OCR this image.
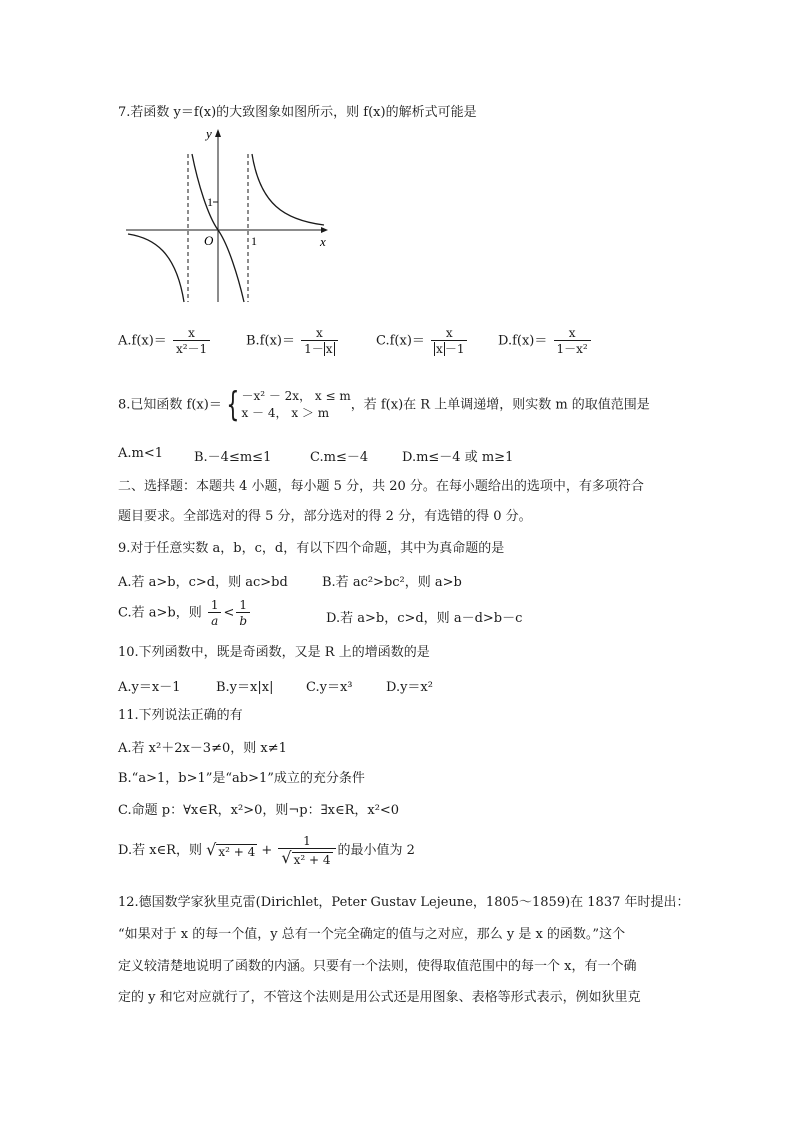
7.若函数 y＝f(x)的大致图象如图所示，则 f(x)的解析式可能是
y
x
O	1
1
$A.f(x)= \frac{x}{\text{x²－1}}$	$B.f(x)= \frac{x}{1- x}$	$C.f(x)= \frac{x}{x -1} D.f(x)= \frac{x}{\text{1－x²}}$
8.已知函数 f(x)＝ { －x² － 2x， x ≤ m
x － 4， x ＞ m
，若 f(x)在 R 上单调递增，则实数 m 的取值范围是
A.m<1 B.－4≤m≤1	C.m≤－4	D.m≤－4 或 m≥1
二、选择题：本题共 4 小题，每小题 5 分，共 20 分。在每小题给出的选项中，有多项符合
题目要求。全部选对的得 5 分，部分选对的得 2 分，有选错的得 0 分。
9.对于任意实数 a，b，c，d，有以下四个命题，其中为真命题的是
A.若 a>b，c>d，则 ac>bd	B.若 ac²>bc²，则 a>b
C.若 a>b，则 $\frac{1}{a} < \frac{1}{b}$	D.若 a>b，c>d，则 a－d>b－c
10.下列函数中，既是奇函数，又是 R 上的增函数的是
A.y＝x－1	B.y＝x|x|	C.y＝x³	D.y＝x²
11.下列说法正确的有
A.若 x²＋2x－3≠0，则 x≠1
B.“a>1，b>1”是“ab>1”成立的充分条件
C.命题 p：∀x∈R，x²>0，则¬p：∃x∈R，x²<0
D.若 x∈R，则 √ $x^2 + 4 + \frac{1}{\text{√ x² + 4}}$ 的最小值为 2
12.德国数学家狄里克雷(Dirichlet，Peter Gustav Lejeune，1805～1859)在 1837 年时提出：
“如果对于 x 的每一个值，y 总有一个完全确定的值与之对应，那么 y 是 x 的函数。”这个
定义较清楚地说明了函数的内涵。只要有一个法则，使得取值范围中的每一个 x，有一个确
定的 y 和它对应就行了，不管这个法则是用公式还是用图象、表格等形式表示，例如狄里克
